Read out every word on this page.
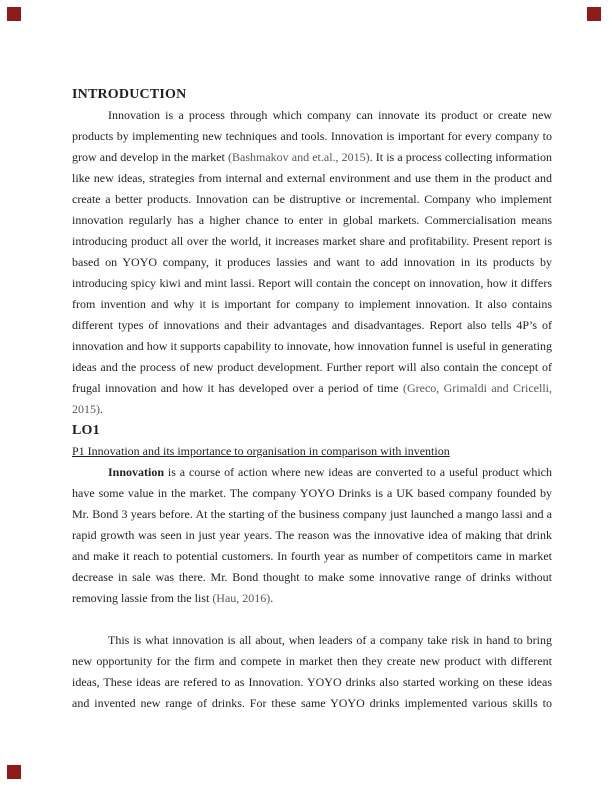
INTRODUCTION

Innovation is a process through which company can innovate its product or create new products by implementing new techniques and tools. Innovation is important for every company to grow and develop in the market (Bashmakov and et.al., 2015). It is a process collecting information like new ideas, strategies from internal and external environment and use them in the product and create a better products. Innovation can be distruptive or incremental. Company who implement innovation regularly has a higher chance to enter in global markets. Commercialisation means introducing product all over the world, it increases market share and profitability. Present report is based on YOYO company, it produces lassies and want to add innovation in its products by introducing spicy kiwi and mint lassi. Report will contain the concept on innovation, how it differs from invention and why it is important for company to implement innovation. It also contains different types of innovations and their advantages and disadvantages. Report also tells 4P’s of innovation and how it supports capability to innovate, how innovation funnel is useful in generating ideas and the process of new product development. Further report will also contain the concept of frugal innovation and how it has developed over a period of time (Greco, Grimaldi and Cricelli, 2015).

LO1
P1 Innovation and its importance to organisation in comparison with invention

Innovation is a course of action where new ideas are converted to a useful product which have some value in the market. The company YOYO Drinks is a UK based company founded by Mr. Bond 3 years before. At the starting of the business company just launched a mango lassi and a rapid growth was seen in just year years. The reason was the innovative idea of making that drink and make it reach to potential customers. In fourth year as number of competitors came in market decrease in sale was there. Mr. Bond thought to make some innovative range of drinks without removing lassie from the list (Hau, 2016).

This is what innovation is all about, when leaders of a company take risk in hand to bring new opportunity for the firm and compete in market then they create new product with different ideas, These ideas are refered to as Innovation. YOYO drinks also started working on these ideas and invented new range of drinks. For these same YOYO drinks implemented various skills to
